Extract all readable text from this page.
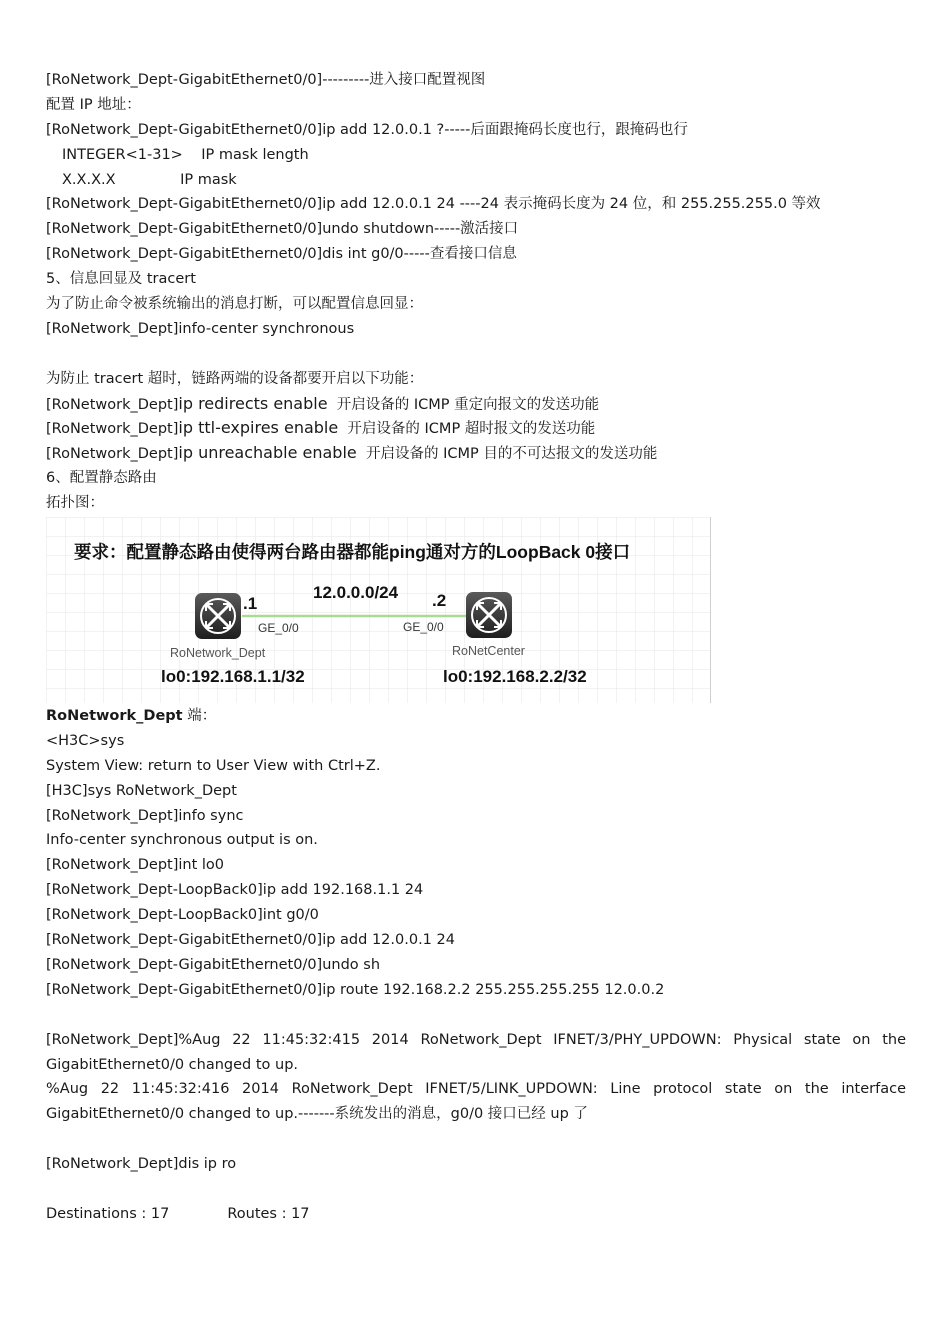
[RoNetwork_Dept-GigabitEthernet0/0]---------进入接口配置视图
配置 IP 地址：
[RoNetwork_Dept-GigabitEthernet0/0]ip add 12.0.0.1 ?-----后面跟掩码长度也行，跟掩码也行
INTEGER<1-31>    IP mask length
X.X.X.X              IP mask
[RoNetwork_Dept-GigabitEthernet0/0]ip add 12.0.0.1 24 ----24 表示掩码长度为 24 位，和 255.255.255.0 等效
[RoNetwork_Dept-GigabitEthernet0/0]undo shutdown-----激活接口
[RoNetwork_Dept-GigabitEthernet0/0]dis int g0/0-----查看接口信息
5、信息回显及 tracert
为了防止命令被系统输出的消息打断，可以配置信息回显：
[RoNetwork_Dept]info-center synchronous
为防止 tracert 超时，链路两端的设备都要开启以下功能：
[RoNetwork_Dept]ip redirects enable  开启设备的 ICMP 重定向报文的发送功能
[RoNetwork_Dept]ip ttl-expires enable  开启设备的 ICMP 超时报文的发送功能
[RoNetwork_Dept]ip unreachable enable  开启设备的 ICMP 目的不可达报文的发送功能
6、配置静态路由
拓扑图：
要求：配置静态路由使得两台路由器都能ping通对方的LoopBack 0接口
12.0.0.0/24
.1	.2
GE_0/0	GE_0/0
RoNetwork_Dept	RoNetCenter
lo0:192.168.1.1/32	lo0:192.168.2.2/32
RoNetwork_Dept 端：
<H3C>sys
System View: return to User View with Ctrl+Z.
[H3C]sys RoNetwork_Dept
[RoNetwork_Dept]info sync
Info-center synchronous output is on.
[RoNetwork_Dept]int lo0
[RoNetwork_Dept-LoopBack0]ip add 192.168.1.1 24
[RoNetwork_Dept-LoopBack0]int g0/0
[RoNetwork_Dept-GigabitEthernet0/0]ip add 12.0.0.1 24
[RoNetwork_Dept-GigabitEthernet0/0]undo sh
[RoNetwork_Dept-GigabitEthernet0/0]ip route 192.168.2.2 255.255.255.255 12.0.0.2
[RoNetwork_Dept]%Aug 22 11:45:32:415 2014 RoNetwork_Dept IFNET/3/PHY_UPDOWN: Physical state on the
GigabitEthernet0/0 changed to up.
%Aug 22 11:45:32:416 2014 RoNetwork_Dept IFNET/5/LINK_UPDOWN: Line protocol state on the interface
GigabitEthernet0/0 changed to up.-------系统发出的消息，g0/0 接口已经 up 了
[RoNetwork_Dept]dis ip ro
Destinations : 17	Routes : 17
